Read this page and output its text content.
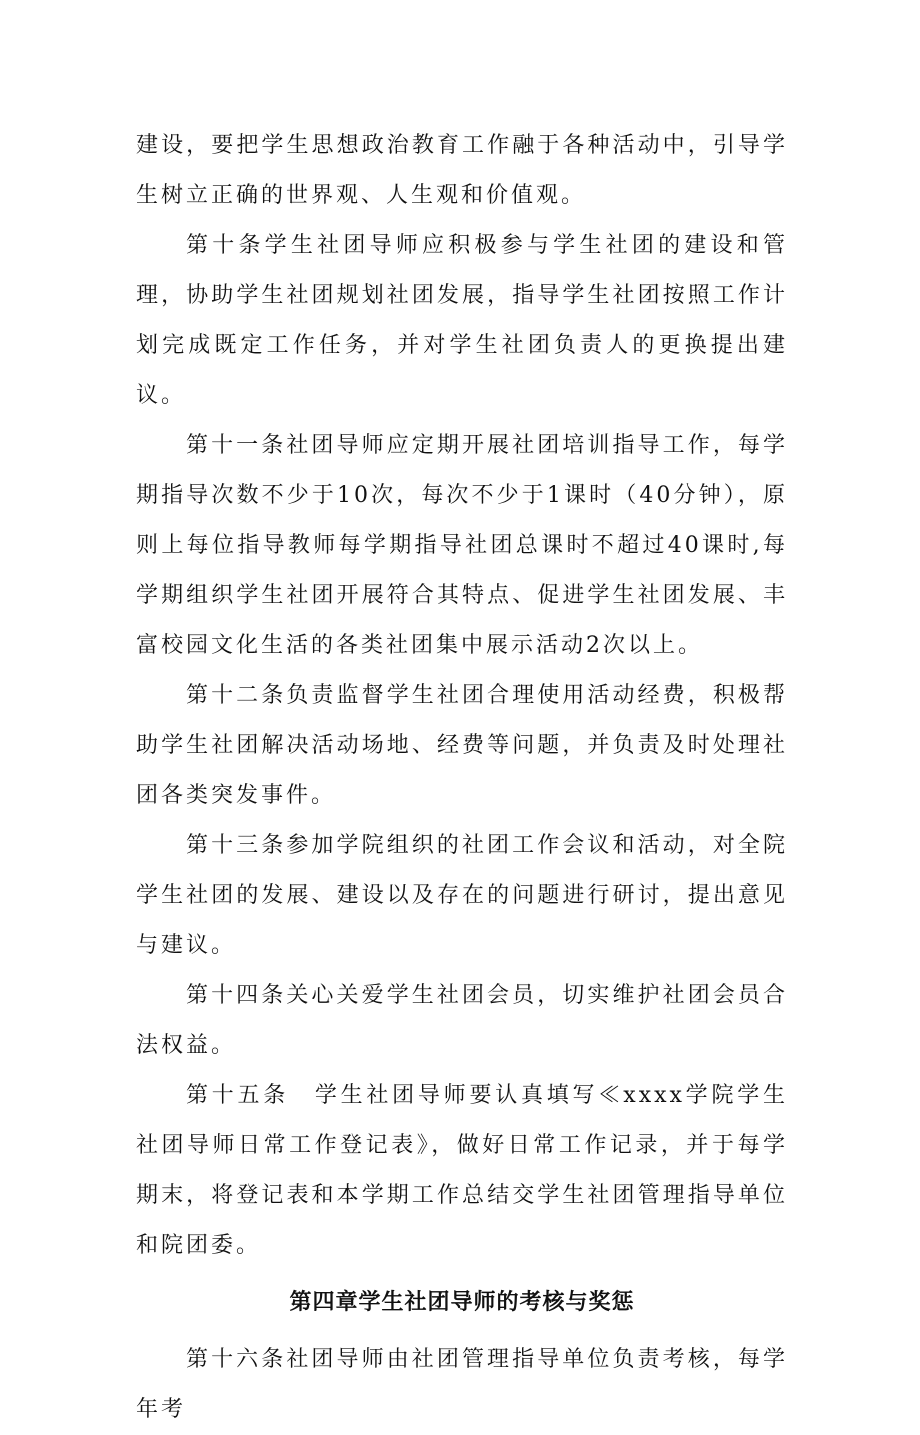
建设，要把学生思想政治教育工作融于各种活动中，引导学生树立正确的世界观、人生观和价值观。

第十条学生社团导师应积极参与学生社团的建设和管理，协助学生社团规划社团发展，指导学生社团按照工作计划完成既定工作任务，并对学生社团负责人的更换提出建议。

第十一条社团导师应定期开展社团培训指导工作，每学期指导次数不少于10次，每次不少于1课时（40分钟），原则上每位指导教师每学期指导社团总课时不超过40课时,每学期组织学生社团开展符合其特点、促进学生社团发展、丰富校园文化生活的各类社团集中展示活动2次以上。

第十二条负责监督学生社团合理使用活动经费，积极帮助学生社团解决活动场地、经费等问题，并负责及时处理社团各类突发事件。

第十三条参加学院组织的社团工作会议和活动，对全院学生社团的发展、建设以及存在的问题进行研讨，提出意见与建议。

第十四条关心关爱学生社团会员，切实维护社团会员合法权益。

第十五条　学生社团导师要认真填写≪xxxx学院学生社团导师日常工作登记表》，做好日常工作记录，并于每学期末，将登记表和本学期工作总结交学生社团管理指导单位和院团委。

第四章学生社团导师的考核与奖惩

第十六条社团导师由社团管理指导单位负责考核，每学年考
